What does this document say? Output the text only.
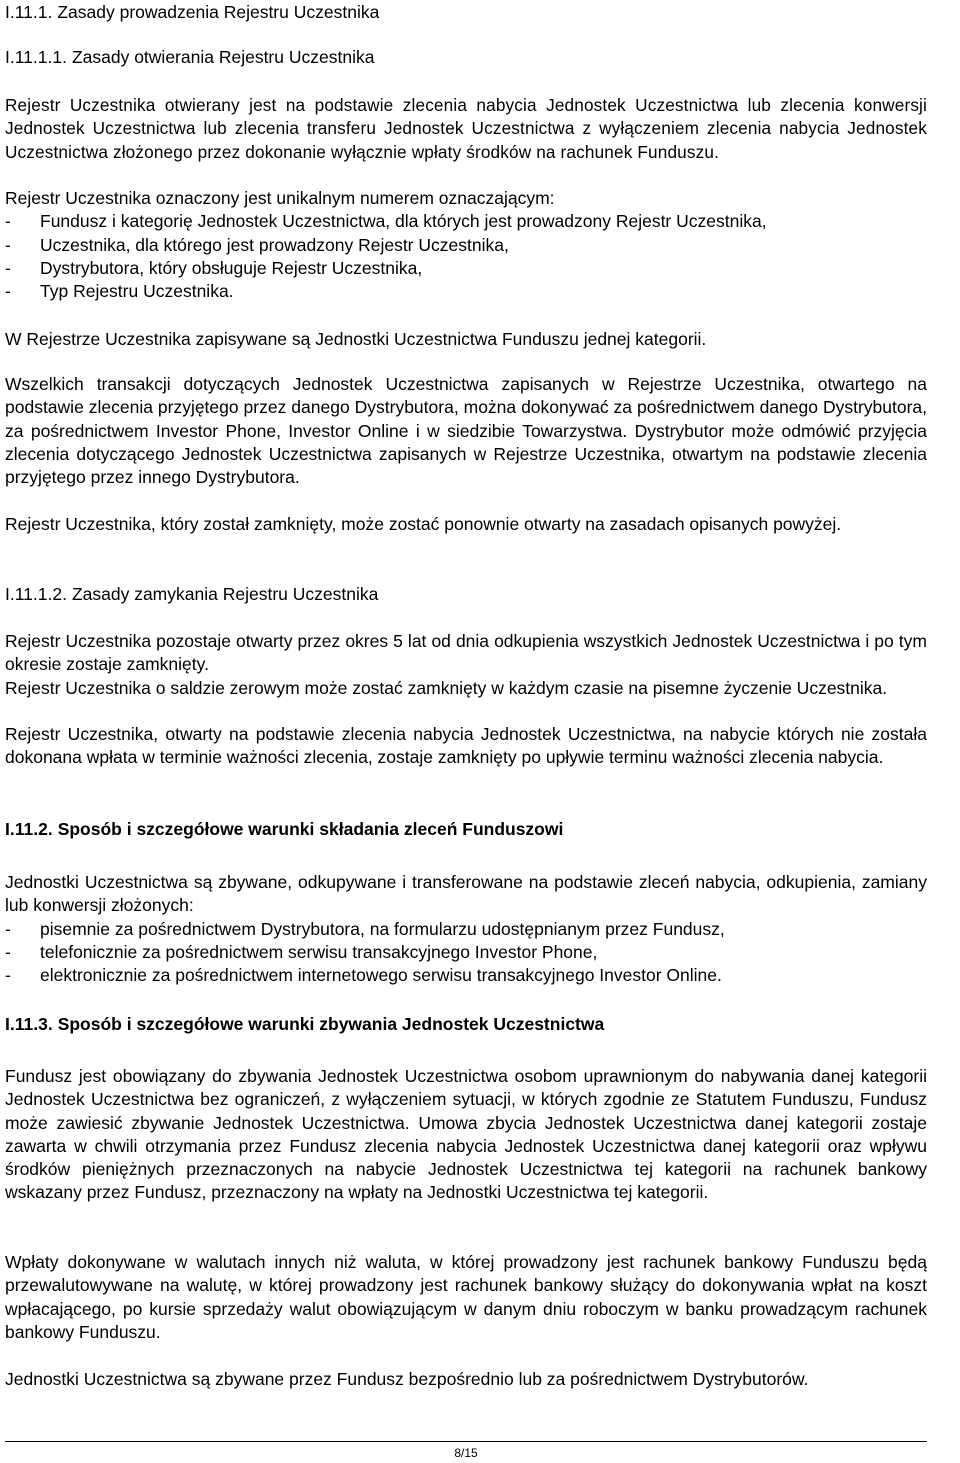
I.11.1. Zasady prowadzenia Rejestru Uczestnika
I.11.1.1. Zasady otwierania Rejestru Uczestnika

Rejestr Uczestnika otwierany jest na podstawie zlecenia nabycia Jednostek Uczestnictwa lub zlecenia konwersji Jednostek Uczestnictwa lub zlecenia transferu Jednostek Uczestnictwa z wyłączeniem zlecenia nabycia Jednostek Uczestnictwa złożonego przez dokonanie wyłącznie wpłaty środków na rachunek Funduszu.

Rejestr Uczestnika oznaczony jest unikalnym numerem oznaczającym:
- Fundusz i kategorię Jednostek Uczestnictwa, dla których jest prowadzony Rejestr Uczestnika,
- Uczestnika, dla którego jest prowadzony Rejestr Uczestnika,
- Dystrybutora, który obsługuje Rejestr Uczestnika,
- Typ Rejestru Uczestnika.

W Rejestrze Uczestnika zapisywane są Jednostki Uczestnictwa Funduszu jednej kategorii.

Wszelkich transakcji dotyczących Jednostek Uczestnictwa zapisanych w Rejestrze Uczestnika, otwartego na podstawie zlecenia przyjętego przez danego Dystrybutora, można dokonywać za pośrednictwem danego Dystrybutora, za pośrednictwem Investor Phone, Investor Online i w siedzibie Towarzystwa. Dystrybutor może odmówić przyjęcia zlecenia dotyczącego Jednostek Uczestnictwa zapisanych w Rejestrze Uczestnika, otwartym na podstawie zlecenia przyjętego przez innego Dystrybutora.

Rejestr Uczestnika, który został zamknięty, może zostać ponownie otwarty na zasadach opisanych powyżej.

I.11.1.2. Zasady zamykania Rejestru Uczestnika

Rejestr Uczestnika pozostaje otwarty przez okres 5 lat od dnia odkupienia wszystkich Jednostek Uczestnictwa i po tym okresie zostaje zamknięty.

Rejestr Uczestnika o saldzie zerowym może zostać zamknięty w każdym czasie na pisemne życzenie Uczestnika.

Rejestr Uczestnika, otwarty na podstawie zlecenia nabycia Jednostek Uczestnictwa, na nabycie których nie została dokonana wpłata w terminie ważności zlecenia, zostaje zamknięty po upływie terminu ważności zlecenia nabycia.

I.11.2. Sposób i szczegółowe warunki składania zleceń Funduszowi
Jednostki Uczestnictwa są zbywane, odkupywane i transferowane na podstawie zleceń nabycia, odkupienia, zamiany lub konwersji złożonych:
- pisemnie za pośrednictwem Dystrybutora, na formularzu udostępnianym przez Fundusz,
- telefonicznie za pośrednictwem serwisu transakcyjnego Investor Phone,
- elektronicznie za pośrednictwem internetowego serwisu transakcyjnego Investor Online.
I.11.3. Sposób i szczegółowe warunki zbywania Jednostek Uczestnictwa

Fundusz jest obowiązany do zbywania Jednostek Uczestnictwa osobom uprawnionym do nabywania danej kategorii Jednostek Uczestnictwa bez ograniczeń, z wyłączeniem sytuacji, w których zgodnie ze Statutem Funduszu, Fundusz może zawiesić zbywanie Jednostek Uczestnictwa. Umowa zbycia Jednostek Uczestnictwa danej kategorii zostaje zawarta w chwili otrzymania przez Fundusz zlecenia nabycia Jednostek Uczestnictwa danej kategorii oraz wpływu środków pieniężnych przeznaczonych na nabycie Jednostek Uczestnictwa tej kategorii na rachunek bankowy wskazany przez Fundusz, przeznaczony na wpłaty na Jednostki Uczestnictwa tej kategorii.

Wpłaty dokonywane w walutach innych niż waluta, w której prowadzony jest rachunek bankowy Funduszu będą przewalutowywane na walutę, w której prowadzony jest rachunek bankowy służący do dokonywania wpłat na koszt wpłacającego, po kursie sprzedaży walut obowiązującym w danym dniu roboczym w banku prowadzącym rachunek bankowy Funduszu.

Jednostki Uczestnictwa są zbywane przez Fundusz bezpośrednio lub za pośrednictwem Dystrybutorów.

8/15
